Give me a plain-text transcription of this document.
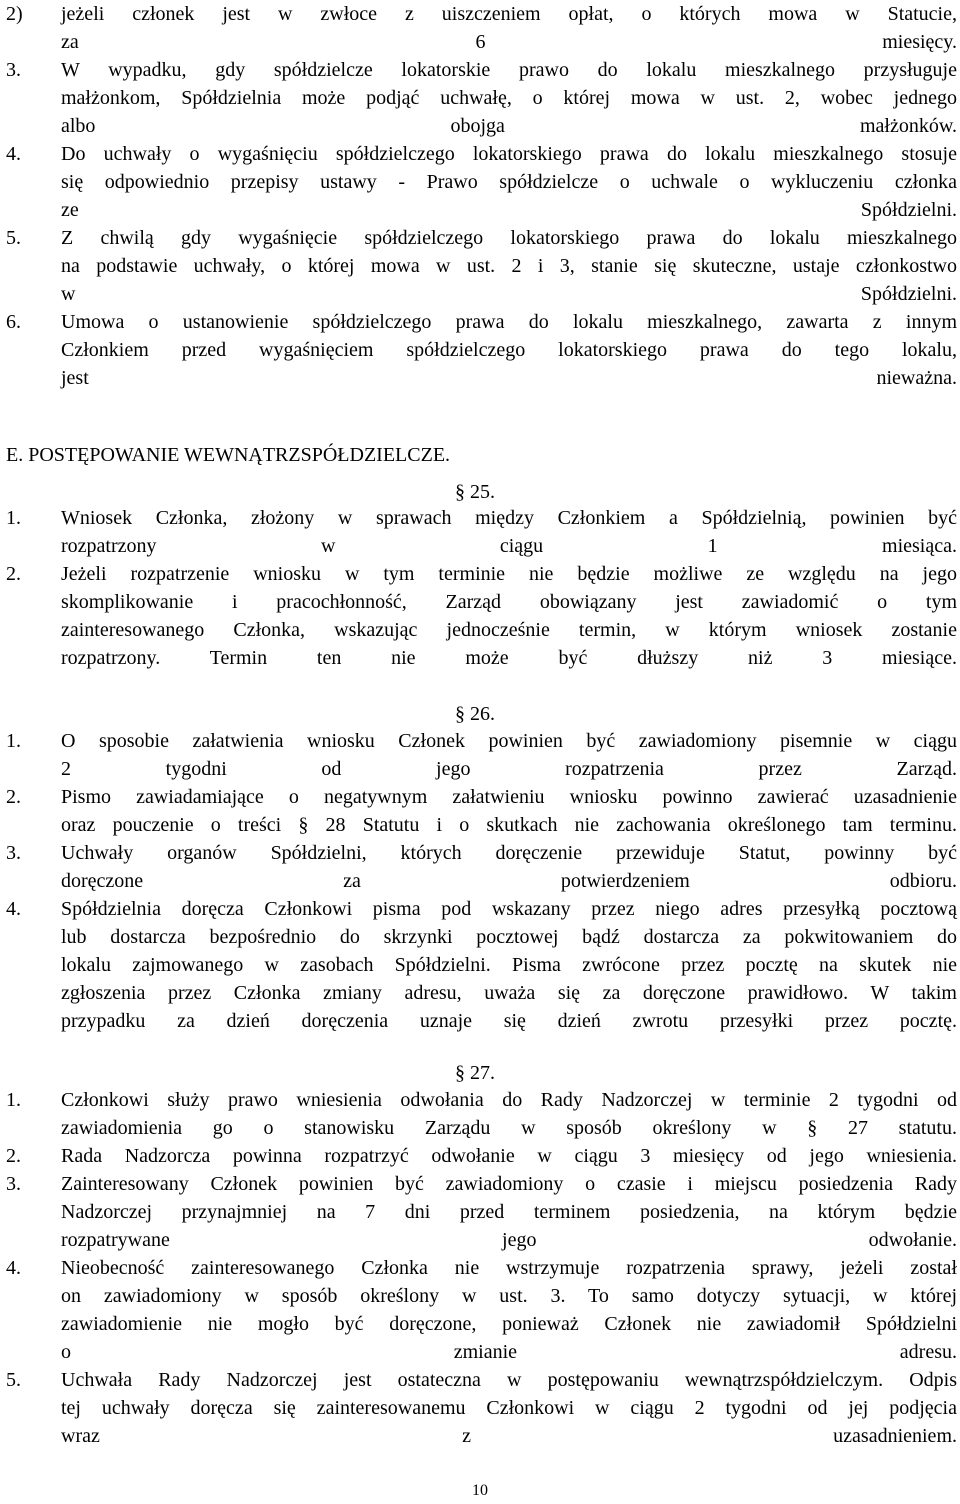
2) jeżeli członek jest w zwłoce z uiszczeniem opłat, o których mowa w Statucie,
za 6 miesięcy.
3. W wypadku, gdy spółdzielcze lokatorskie prawo do lokalu mieszkalnego przysługuje
małżonkom, Spółdzielnia może podjąć uchwałę, o której mowa w ust. 2, wobec jednego
albo obojga małżonków.
4. Do uchwały o wygaśnięciu spółdzielczego lokatorskiego prawa do lokalu mieszkalnego stosuje
się odpowiednio przepisy ustawy - Prawo spółdzielcze o uchwale o wykluczeniu członka
ze Spółdzielni.
5. Z chwilą gdy wygaśnięcie spółdzielczego lokatorskiego prawa do lokalu mieszkalnego
na podstawie uchwały, o której mowa w ust. 2 i 3, stanie się skuteczne, ustaje członkostwo
w Spółdzielni.
6. Umowa o ustanowienie spółdzielczego prawa do lokalu mieszkalnego, zawarta z innym
Członkiem przed wygaśnięciem spółdzielczego lokatorskiego prawa do tego lokalu,
jest nieważna.
E. POSTĘPOWANIE WEWNĄTRZSPÓŁDZIELCZE.
§ 25.
1. Wniosek Członka, złożony w sprawach między Członkiem a Spółdzielnią, powinien być
rozpatrzony w ciągu 1 miesiąca.
2. Jeżeli rozpatrzenie wniosku w tym terminie nie będzie możliwe ze względu na jego
skomplikowanie i pracochłonność, Zarząd obowiązany jest zawiadomić o tym
zainteresowanego Członka, wskazując jednocześnie termin, w którym wniosek zostanie
rozpatrzony. Termin ten nie może być dłuższy niż 3 miesiące.
§ 26.
1. O sposobie załatwienia wniosku Członek powinien być zawiadomiony pisemnie w ciągu
2 tygodni od jego rozpatrzenia przez Zarząd.
2. Pismo zawiadamiające o negatywnym załatwieniu wniosku powinno zawierać uzasadnienie
oraz pouczenie o treści § 28 Statutu i o skutkach nie zachowania określonego tam terminu.
3. Uchwały organów Spółdzielni, których doręczenie przewiduje Statut, powinny być
doręczone za potwierdzeniem odbioru.
4. Spółdzielnia doręcza Członkowi pisma pod wskazany przez niego adres przesyłką pocztową
lub dostarcza bezpośrednio do skrzynki pocztowej bądź dostarcza za pokwitowaniem do
lokalu zajmowanego w zasobach Spółdzielni. Pisma zwrócone przez pocztę na skutek nie
zgłoszenia przez Członka zmiany adresu, uważa się za doręczone prawidłowo. W takim
przypadku za dzień doręczenia uznaje się dzień zwrotu przesyłki przez pocztę.
§ 27.
1. Członkowi służy prawo wniesienia odwołania do Rady Nadzorczej w terminie 2 tygodni od
zawiadomienia go o stanowisku Zarządu w sposób określony w § 27 statutu.
2. Rada Nadzorcza powinna rozpatrzyć odwołanie w ciągu 3 miesięcy od jego wniesienia.
3. Zainteresowany Członek powinien być zawiadomiony o czasie i miejscu posiedzenia Rady
Nadzorczej przynajmniej na 7 dni przed terminem posiedzenia, na którym będzie
rozpatrywane jego odwołanie.
4. Nieobecność zainteresowanego Członka nie wstrzymuje rozpatrzenia sprawy, jeżeli został
on zawiadomiony w sposób określony w ust. 3. To samo dotyczy sytuacji, w której
zawiadomienie nie mogło być doręczone, ponieważ Członek nie zawiadomił Spółdzielni
o zmianie adresu.
5. Uchwała Rady Nadzorczej jest ostateczna w postępowaniu wewnątrzspółdzielczym. Odpis
tej uchwały doręcza się zainteresowanemu Członkowi w ciągu 2 tygodni od jej podjęcia
wraz z uzasadnieniem.
10
